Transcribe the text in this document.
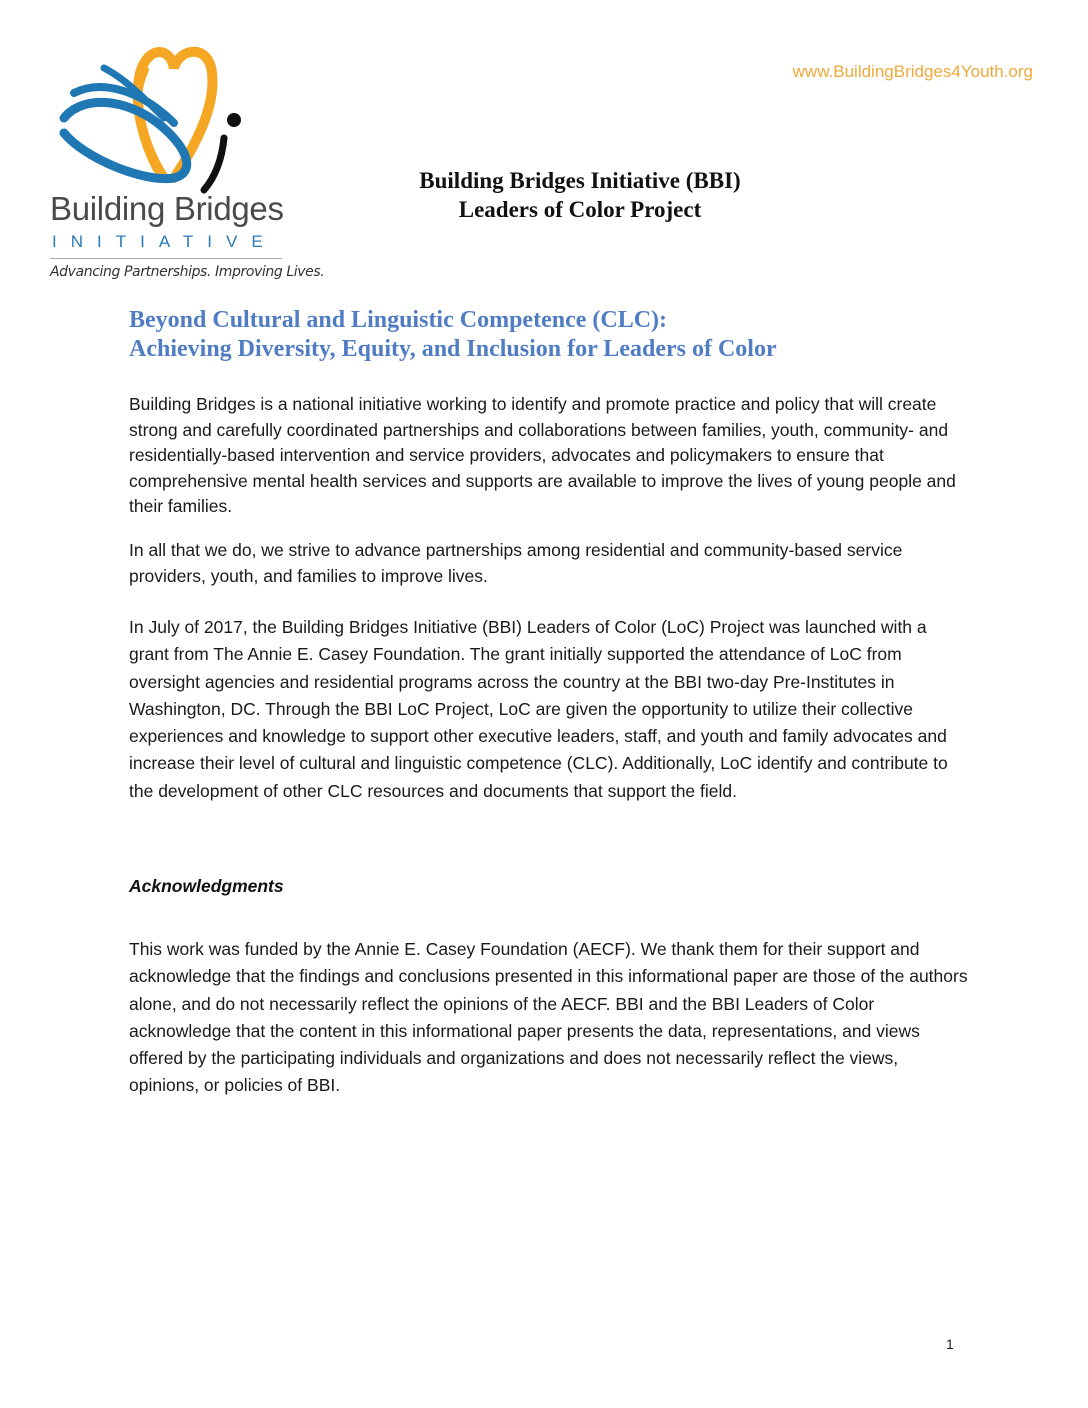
Building Bridges
INITIATIVE
Advancing Partnerships. Improving Lives.
www.BuildingBridges4Youth.org
Building Bridges Initiative (BBI)
Leaders of Color Project
Beyond Cultural and Linguistic Competence (CLC):
Achieving Diversity, Equity, and Inclusion for Leaders of Color

Building Bridges is a national initiative working to identify and promote practice and policy that will create strong and carefully coordinated partnerships and collaborations between families, youth, community- and residentially-based intervention and service providers, advocates and policymakers to ensure that comprehensive mental health services and supports are available to improve the lives of young people and their families.

In all that we do, we strive to advance partnerships among residential and community-based service providers, youth, and families to improve lives.

In July of 2017, the Building Bridges Initiative (BBI) Leaders of Color (LoC) Project was launched with a grant from The Annie E. Casey Foundation. The grant initially supported the attendance of LoC from oversight agencies and residential programs across the country at the BBI two-day Pre-Institutes in Washington, DC. Through the BBI LoC Project, LoC are given the opportunity to utilize their collective experiences and knowledge to support other executive leaders, staff, and youth and family advocates and increase their level of cultural and linguistic competence (CLC). Additionally, LoC identify and contribute to the development of other CLC resources and documents that support the field.

Acknowledgments

This work was funded by the Annie E. Casey Foundation (AECF). We thank them for their support and acknowledge that the findings and conclusions presented in this informational paper are those of the authors alone, and do not necessarily reflect the opinions of the AECF. BBI and the BBI Leaders of Color acknowledge that the content in this informational paper presents the data, representations, and views offered by the participating individuals and organizations and does not necessarily reflect the views, opinions, or policies of BBI.

1
